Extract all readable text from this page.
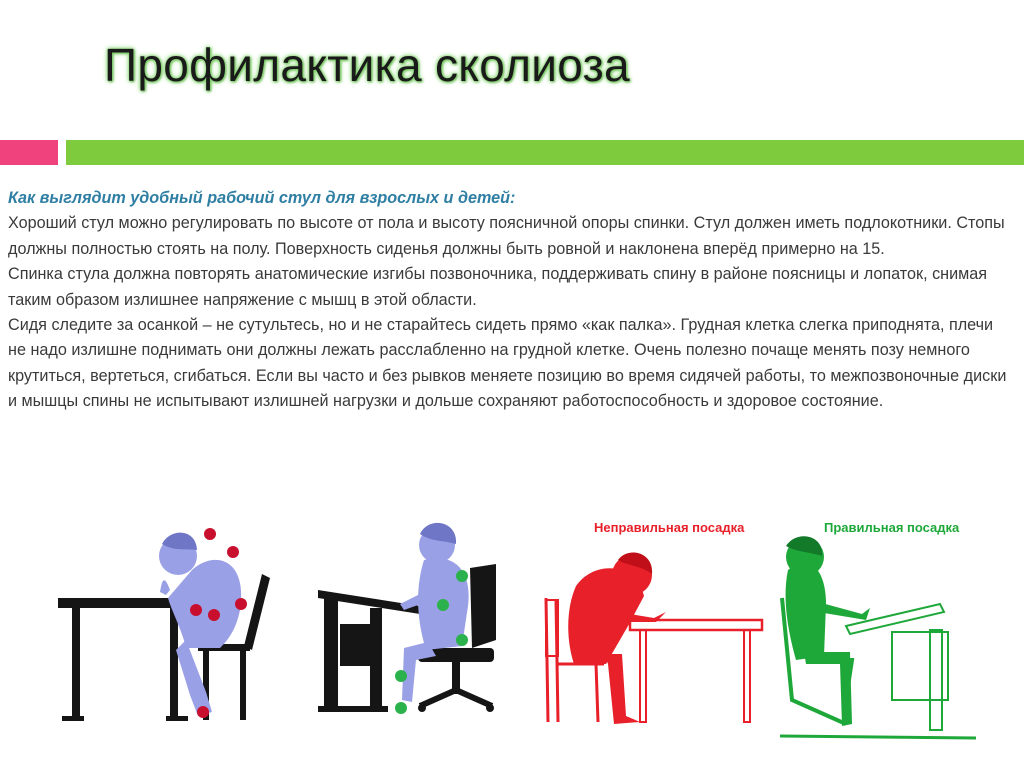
Профилактика сколиоза

Как выглядит удобный рабочий стул для взрослых и детей:

Хороший стул можно регулировать по высоте от пола и высоту поясничной опоры спинки. Стул должен иметь подлокотники. Стопы должны полностью стоять на полу. Поверхность сиденья должны быть ровной и наклонена вперёд примерно на 15.

Спинка стула должна повторять анатомические изгибы позвоночника, поддерживать спину в районе поясницы и лопаток, снимая таким образом излишнее напряжение с мышц в этой области.

Сидя следите за осанкой – не сутультесь, но и не старайтесь сидеть прямо «как палка». Грудная клетка слегка приподнята, плечи не надо излишне поднимать они должны лежать расслабленно на грудной клетке. Очень полезно почаще менять позу немного крутиться, вертеться, сгибаться. Если вы часто и без рывков меняете позицию во время сидячей работы, то межпозвоночные диски и мышцы спины не испытывают излишней нагрузки и дольше сохраняют работоспособность и здоровое состояние.

Неправильная посадка	Правильная посадка
